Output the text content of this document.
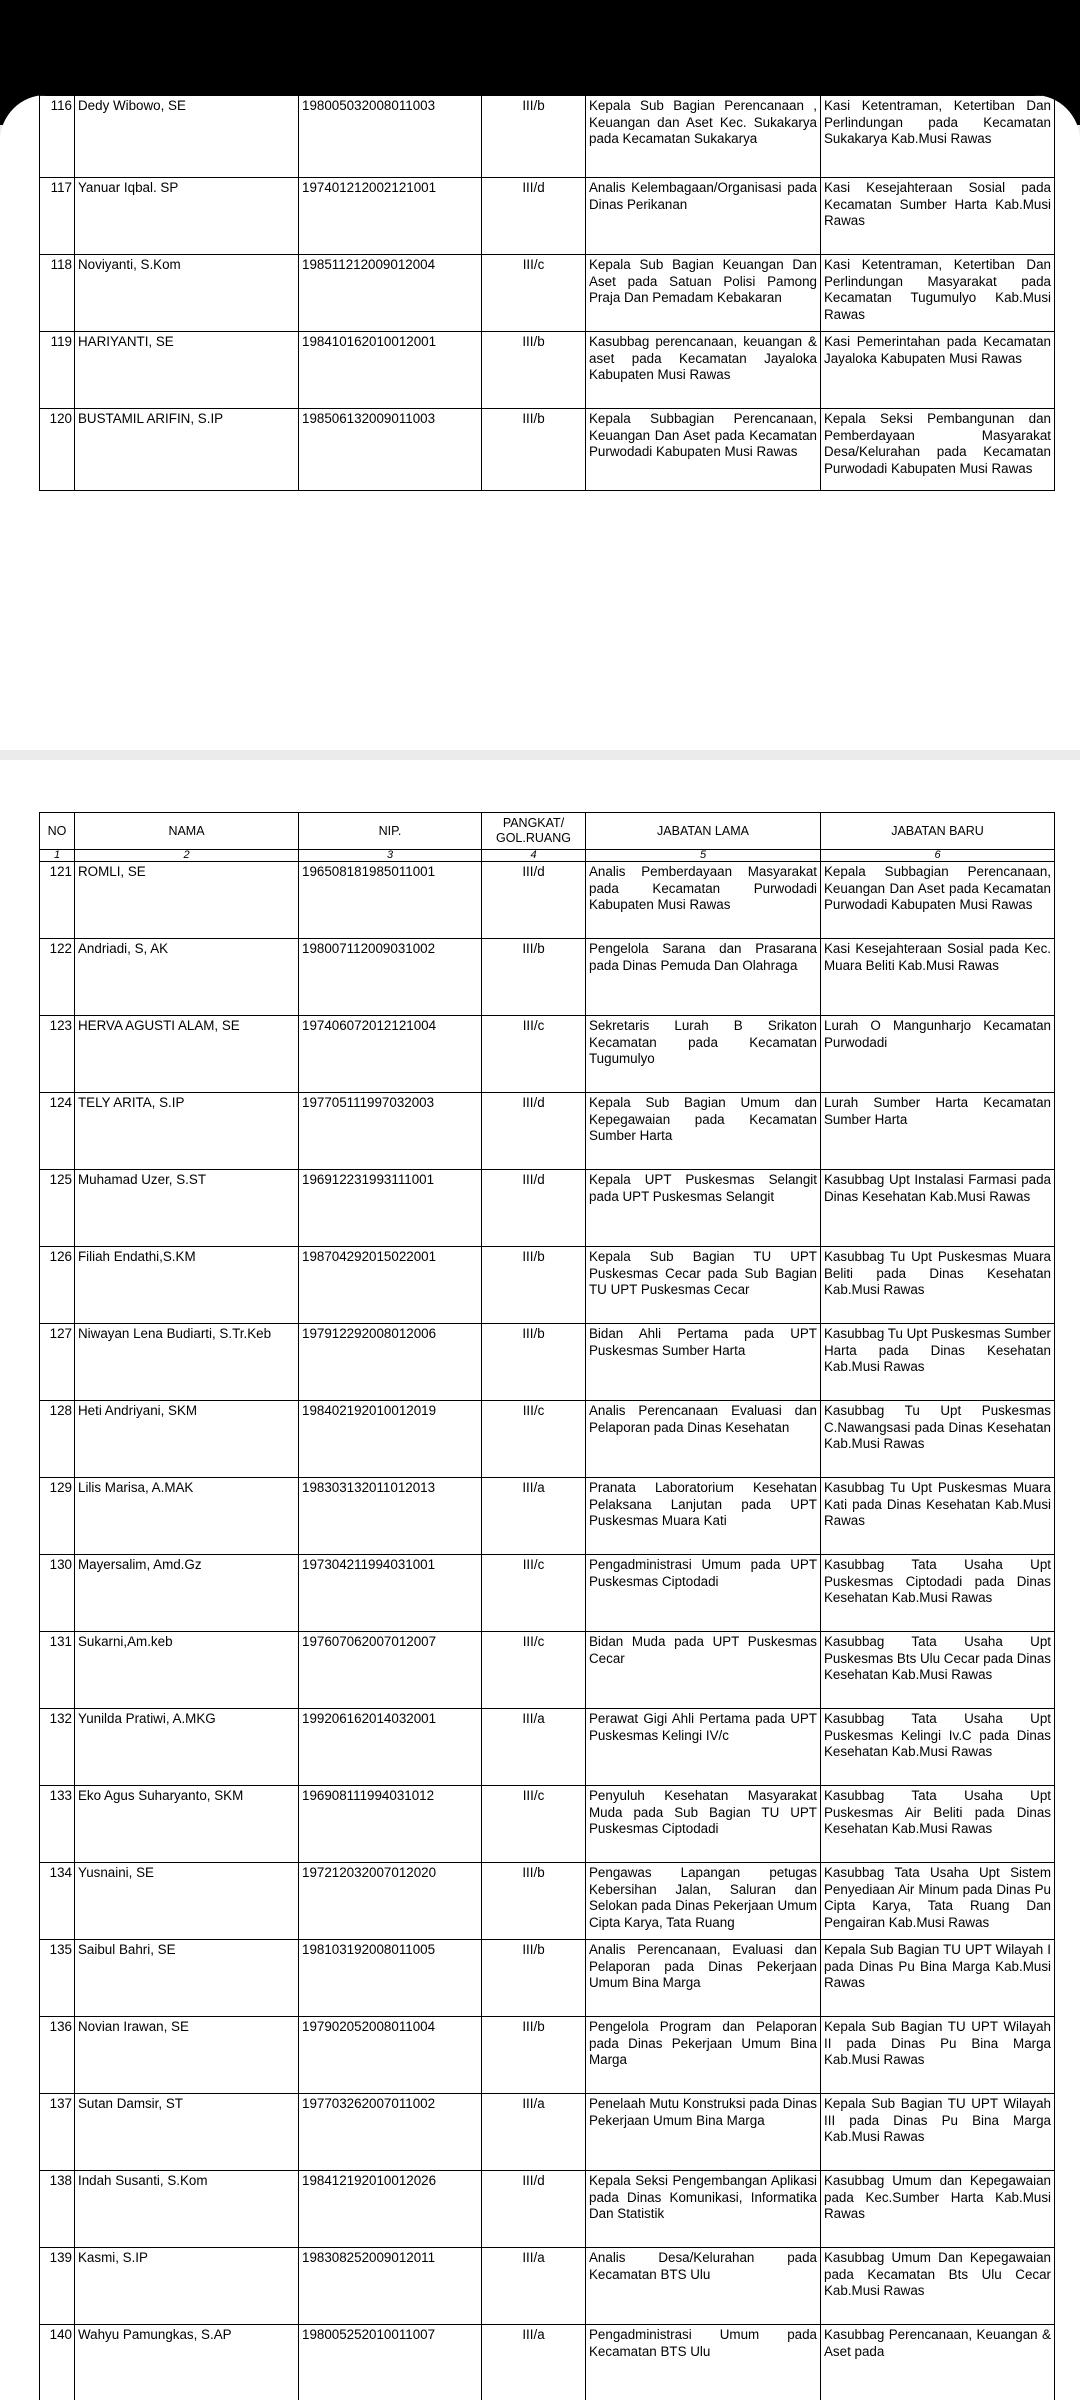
116	Dedy Wibowo, SE	198005032008011003	III/b	Kepala Sub Bagian Perencanaan , Keuangan dan Aset Kec. Sukakarya pada Kecamatan Sukakarya	Kasi Ketentraman, Ketertiban Dan Perlindungan pada Kecamatan Sukakarya Kab.Musi Rawas
117	Yanuar Iqbal. SP	197401212002121001	III/d	Analis Kelembagaan/Organisasi pada Dinas Perikanan	Kasi Kesejahteraan Sosial pada Kecamatan Sumber Harta Kab.Musi Rawas
118	Noviyanti, S.Kom	198511212009012004	III/c	Kepala Sub Bagian Keuangan Dan Aset pada Satuan Polisi Pamong Praja Dan Pemadam Kebakaran	Kasi Ketentraman, Ketertiban Dan Perlindungan Masyarakat pada Kecamatan Tugumulyo Kab.Musi Rawas
119	HARIYANTI, SE	198410162010012001	III/b	Kasubbag perencanaan, keuangan & aset pada Kecamatan Jayaloka Kabupaten Musi Rawas	Kasi Pemerintahan pada Kecamatan Jayaloka Kabupaten Musi Rawas
120	BUSTAMIL ARIFIN, S.IP	198506132009011003	III/b	Kepala Subbagian Perencanaan, Keuangan Dan Aset pada Kecamatan Purwodadi Kabupaten Musi Rawas	Kepala Seksi Pembangunan dan Pemberdayaan Masyarakat Desa/Kelurahan pada Kecamatan Purwodadi Kabupaten Musi Rawas
NO	NAMA	NIP.	PANGKAT/ GOL.RUANG	JABATAN LAMA	JABATAN BARU
1	2	3	4	5	6
121	ROMLI, SE	196508181985011001	III/d	Analis Pemberdayaan Masyarakat pada Kecamatan Purwodadi Kabupaten Musi Rawas	Kepala Subbagian Perencanaan, Keuangan Dan Aset pada Kecamatan Purwodadi Kabupaten Musi Rawas
122	Andriadi, S, AK	198007112009031002	III/b	Pengelola Sarana dan Prasarana pada Dinas Pemuda Dan Olahraga	Kasi Kesejahteraan Sosial pada Kec. Muara Beliti Kab.Musi Rawas
123	HERVA AGUSTI ALAM, SE	197406072012121004	III/c	Sekretaris Lurah B Srikaton Kecamatan pada Kecamatan Tugumulyo	Lurah O Mangunharjo Kecamatan Purwodadi
124	TELY ARITA, S.IP	197705111997032003	III/d	Kepala Sub Bagian Umum dan Kepegawaian pada Kecamatan Sumber Harta	Lurah Sumber Harta Kecamatan Sumber Harta
125	Muhamad Uzer, S.ST	196912231993111001	III/d	Kepala UPT Puskesmas Selangit pada UPT Puskesmas Selangit	Kasubbag Upt Instalasi Farmasi pada Dinas Kesehatan Kab.Musi Rawas
126	Filiah Endathi,S.KM	198704292015022001	III/b	Kepala Sub Bagian TU UPT Puskesmas Cecar pada Sub Bagian TU UPT Puskesmas Cecar	Kasubbag Tu Upt Puskesmas Muara Beliti pada Dinas Kesehatan Kab.Musi Rawas
127	Niwayan Lena Budiarti, S.Tr.Keb	197912292008012006	III/b	Bidan Ahli Pertama pada UPT Puskesmas Sumber Harta	Kasubbag Tu Upt Puskesmas Sumber Harta pada Dinas Kesehatan Kab.Musi Rawas
128	Heti Andriyani, SKM	198402192010012019	III/c	Analis Perencanaan Evaluasi dan Pelaporan pada Dinas Kesehatan	Kasubbag Tu Upt Puskesmas C.Nawangsasi pada Dinas Kesehatan Kab.Musi Rawas
129	Lilis Marisa, A.MAK	198303132011012013	III/a	Pranata Laboratorium Kesehatan Pelaksana Lanjutan pada UPT Puskesmas Muara Kati	Kasubbag Tu Upt Puskesmas Muara Kati pada Dinas Kesehatan Kab.Musi Rawas
130	Mayersalim, Amd.Gz	197304211994031001	III/c	Pengadministrasi Umum pada UPT Puskesmas Ciptodadi	Kasubbag Tata Usaha Upt Puskesmas Ciptodadi pada Dinas Kesehatan Kab.Musi Rawas
131	Sukarni,Am.keb	197607062007012007	III/c	Bidan Muda pada UPT Puskesmas Cecar	Kasubbag Tata Usaha Upt Puskesmas Bts Ulu Cecar pada Dinas Kesehatan Kab.Musi Rawas
132	Yunilda Pratiwi, A.MKG	199206162014032001	III/a	Perawat Gigi Ahli Pertama pada UPT Puskesmas Kelingi IV/c	Kasubbag Tata Usaha Upt Puskesmas Kelingi Iv.C pada Dinas Kesehatan Kab.Musi Rawas
133	Eko Agus Suharyanto, SKM	196908111994031012	III/c	Penyuluh Kesehatan Masyarakat Muda pada Sub Bagian TU UPT Puskesmas Ciptodadi	Kasubbag Tata Usaha Upt Puskesmas Air Beliti pada Dinas Kesehatan Kab.Musi Rawas
134	Yusnaini, SE	197212032007012020	III/b	Pengawas Lapangan petugas Kebersihan Jalan, Saluran dan Selokan pada Dinas Pekerjaan Umum Cipta Karya, Tata Ruang	Kasubbag Tata Usaha Upt Sistem Penyediaan Air Minum pada Dinas Pu Cipta Karya, Tata Ruang Dan Pengairan Kab.Musi Rawas
135	Saibul Bahri, SE	198103192008011005	III/b	Analis Perencanaan, Evaluasi dan Pelaporan pada Dinas Pekerjaan Umum Bina Marga	Kepala Sub Bagian TU UPT Wilayah I pada Dinas Pu Bina Marga Kab.Musi Rawas
136	Novian Irawan, SE	197902052008011004	III/b	Pengelola Program dan Pelaporan pada Dinas Pekerjaan Umum Bina Marga	Kepala Sub Bagian TU UPT Wilayah II pada Dinas Pu Bina Marga Kab.Musi Rawas
137	Sutan Damsir, ST	197703262007011002	III/a	Penelaah Mutu Konstruksi pada Dinas Pekerjaan Umum Bina Marga	Kepala Sub Bagian TU UPT Wilayah III pada Dinas Pu Bina Marga Kab.Musi Rawas
138	Indah Susanti, S.Kom	198412192010012026	III/d	Kepala Seksi Pengembangan Aplikasi pada Dinas Komunikasi, Informatika Dan Statistik	Kasubbag Umum dan Kepegawaian pada Kec.Sumber Harta Kab.Musi Rawas
139	Kasmi, S.IP	198308252009012011	III/a	Analis Desa/Kelurahan pada Kecamatan BTS Ulu	Kasubbag Umum Dan Kepegawaian pada Kecamatan Bts Ulu Cecar Kab.Musi Rawas
140	Wahyu Pamungkas, S.AP	198005252010011007	III/a	Pengadministrasi Umum pada Kecamatan BTS Ulu	Kasubbag Perencanaan, Keuangan & Aset pada
